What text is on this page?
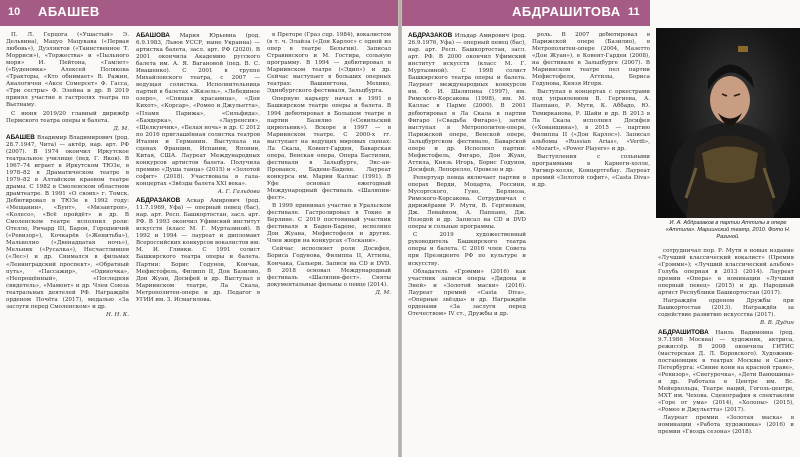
10 АБАШЕВ

П. Л. Герцога («Ушастый» Э. Дельвина), Мацуо Мацукава («Первая любовь»), Дуэлянтов («Таинственное Т. Морриси»), «Торжества» и «Пыльного моря» И. Пейтонa, «Гамлет» («Буденовка» Алексей Полякова «Тракторы, «Кто обнимает» В. Ражин, Аналогичен «Аксе Сомерсет» Ф. Гасса, «Три сестры» Ф. Эзейна и др. В 2019 принял участие в гастролях театра по Вьетнаму.

С июня 2019/20 главный дирижёр Пермского театра оперы и балета.

Д. М.

АБАШЕВ Владимир Владимирович (род. 28.7.1947, Чита) — актёр, нар. арт. РФ (2007). В 1974 окончил Иркутское театральное училище (пед. Г. Яков). В 1967–74 играет в Иркутском ТЮЗе, в 1978–82 в Драматическом театре в 1979–82 в Алтайском краевом театре драмы. С 1982 в Смоленском областном драмтеатре. В 1991 «О своих» г. Томск. Дебютировал в ТЮЗе в 1992 году: «Мещанин», «Бунт», «Мизантроп», «Колесо», «Всё пройдёт» и др. В Смоленском театре исполнил роли: Отелло, Ричард III, Барон, Городничий («Ревизор»), Кочкарёв («Женитьба»), Мальволио («Двенадцатая ночь»), Мельник («Русалка»), Несчастливцев («Лес») и др. Снимался в фильмах «Ленинградский проспект», «Обратный путь», «Пассажир», «Одиночка», «Непрощённый», «Последняя свидетель», «Мамонт» и др. Член Союза театральных деятелей РФ. Награждён орденом Почёта (2017), медалью «За заслуги перед Смоленском» и др.

Н. Н. К.

АБАШОВА Мария Юрьевна (род. 6.9.1983, Львов УССР, ныне Украина) — артистка балета, засл. арт. РФ (2020). В 2001 окончила Академию русского балета им. А. Я. Вагановой (пед. В. С. Ивашенко). С 2001 в труппе Михайловского театра, с 2007 — ведущая солистка. Исполнительница партий в балетах «Жизель», «Лебединое озеро», «Спящая красавица», «Дон Кихот», «Корсар», «Ромео и Джульетта», «Пламя Парижа», «Сильфида», «Баядерка», «Лауренсия», «Щелкунчик», «Белая ночь» и др. С 2012 по 2016 приглашённая солистка театров Италии и Германии. Выступала на сценах Франции, Испании, Японии, Китая, США. Лауреат Международных конкурсов артистов балета. Получила премию «Душа танца» (2015) и «Золотой софит» (2018). Участвовала в гала-концертах «Звёзды балета XXI века».

А. Г. Гальдова

АБДРАЗАКОВ Аскар Амирович (род. 11.7.1969, Уфа) — оперный певец (бас), нар. арт. Респ. Башкортостан, засл. арт. РФ. В 1993 окончил Уфимский институт искусств (класс М. Г. Муртазиной). В 1992 и 1994 — лауреат и дипломант Всероссийских конкурсов вокалистов им. М. И. Глинки. С 1991 солист Башкирского театра оперы и балета. Партии: Борис Годунов, Кончак, Мефистофель, Филипп II, Дон Базилио, Дон Жуан, Досифей и др. Выступал в Мариинском театре, Ла Скала, Метрополитен-опере и др. Педагог в УГИИ им. З. Исмагилова.

в Преторе (Граз сцр. 1984), вокалистом (в т. ч. Элайза («Дон Карлос» с одной из опер в театре Бельгии). Записал Стравинского и М. Гостира, сольную программу. В 1994 — дебютировал в Мариинском театре («Эдип») и др. Сейчас выступает в больших оперных театрах: Вашингтона, Мехико, Эдинбургского фестиваля, Зальцбурга.

Оперную карьеру начал в 1991 в Башкирском театре оперы и балета. В 1994 дебютировал в Большом театре в партии Базилио («Севильский цирюльник»). Вскоре в 1997 — в Мариинском театре. С 2000-х гг. выступает на ведущих мировых сценах: Ла Скала, Ковент-Гарден, Баварская опера, Венская опера, Опера Бастилии, фестивали в Зальцбурге, Экс-ан-Провансе, Бадене-Бадене. Лауреат конкурса им. Марии Каллас (1991). В Уфе основал ежегодный Международный фестиваль «Шаляпин-фест».

В 1999 принимал участие в Уральском фестивале. Гастролировал в Токио и Берлине. С 2019 постоянный участник фестиваля в Баден-Бадене, исполнил Дон Жуана, Мефистофеля и других. Член жюри на конкурсах «Тоскани».

Сейчас исполняет роли Досифея, Бориса Годунова, Филиппа II, Аттилы, Кончака, Сальери. Записи на CD и DVD. В 2018 основал Международный фестиваль «Шаляпин-фест». Сняты документальные фильмы о певце (2014).

Д. М.

АБДРАШИТОВА 11

АБДРАЗАКОВ Ильдар Амирович (род. 26.9.1976, Уфа) — оперный певец (бас), нар. арт. Респ. Башкортостан, засл. арт. РФ. В 2000 окончил Уфимский институт искусств (класс М. Г. Муртазиной). С 1998 солист Башкирского театра оперы и балета. Лауреат международных конкурсов им. Ф. И. Шаляпина (1997), им. Римского-Корсакова (1998), им. М. Каллас в Парме (2000). В 2001 дебютировал в Ла Скала в партии Фигаро («Свадьба Фигаро»), затем выступал в Метрополитен-опере, Парижской опере, Венской опере, Зальцбургском фестивале, Баварской опере и др. Исполнял партии: Мефистофель, Фигаро, Дон Жуан, Аттила, Князь Игорь, Борис Годунов, Досифей, Лепорелло, Оровезо и др.

Репертуар певца включает партии в операх Верди, Моцарта, Россини, Мусоргского, Гуно, Берлиоза, Римского-Корсакова. Сотрудничал с дирижёрами Р. Мути, В. Гергиевым, Дж. Левайном, А. Паппано, Дж. Нозедой и др. Записал на CD и DVD оперы и сольные программы.

С 2019 художественный руководитель Башкирского театра оперы и балета. С 2016 член Совета при Президенте РФ по культуре и искусству.

Обладатель «Грэмми» (2016) как участник записи оперы «Дидона и Эней» и «Золотой маски» (2016). Лауреат премий «Casta Diva», «Оперные звёзды» и др. Награждён орденами «За заслуги перед Отечеством» IV ст., Дружбы и др.

роль. В 2007 дебютировал в Парижской опере (Базилио), в Метрополитен-опере (2004, Мазетто «Дон Жуан»), в Ковент-Гарден (2008), на фестивале в Зальцбурге (2007). В Мариинском театре пел партии Мефистофеля, Аттилы, Бориса Годунова, Князя Игоря.

Выступал в концертах с оркестрами под управлением В. Гергиева, А. Паппано, Р. Мути, К. Аббадо, Ю. Темирканова, Р. Шайи и др. В 2013 в Ла Скала исполнил Досифея («Хованщина»), в 2015 — партию Филиппа II («Дон Карлос»). Записал альбомы «Russian Arias», «Verdi», «Mozart», «Power Players» и др.

Выступления с сольными программами в Карнеги-холле, Уигмор-холле, Концертгебау. Лауреат премий «Золотой софит», «Casta Diva» и др.

И. А. Абдразаков в партии Аттилы в опере «Аттила». Мариинский театр, 2010. Фото Н. Разиной.

сотрудничал пор. Р. Мути в новых издание «Лучший классический вокалист» (Премия «Грэмми»); «Лучший классический альбом» Голубь оперная в 2013 (2014). Лауреат премии «Опера» в номинации «Лучший оперный певец» (2015) и др. Народный артист Республики Башкортостан (2017).

Награждён орденом Дружбы при Башкортостан (2013). Награждён за содействие развитию искусства (2017).

В. В. Дудин

АБДРАШИТОВА Наиль Вадимовна (род. 9.7.1986 Москва) — художник, актриса, режиссёр. В 2008 окончила ГИТИС (мастерская Д. Л. Боровского). Художник-постановщик в театрах Москвы и Санкт-Петербурга: «Синие кони на красной траве», «Ревизор», «Снегурочка», «Дети Ванюшина» и др. Работала в Центре им. Вс. Мейерхольда, Театре наций, Гоголь-центре, МХТ им. Чехова. Сценография к спектаклям «Горе от ума» (2014), «Холопы» (2015), «Ромео и Джульетта» (2017).

Лауреат премии «Золотая маска» в номинации «Работа художника» (2016) и премии «Гвоздь сезона» (2018).
